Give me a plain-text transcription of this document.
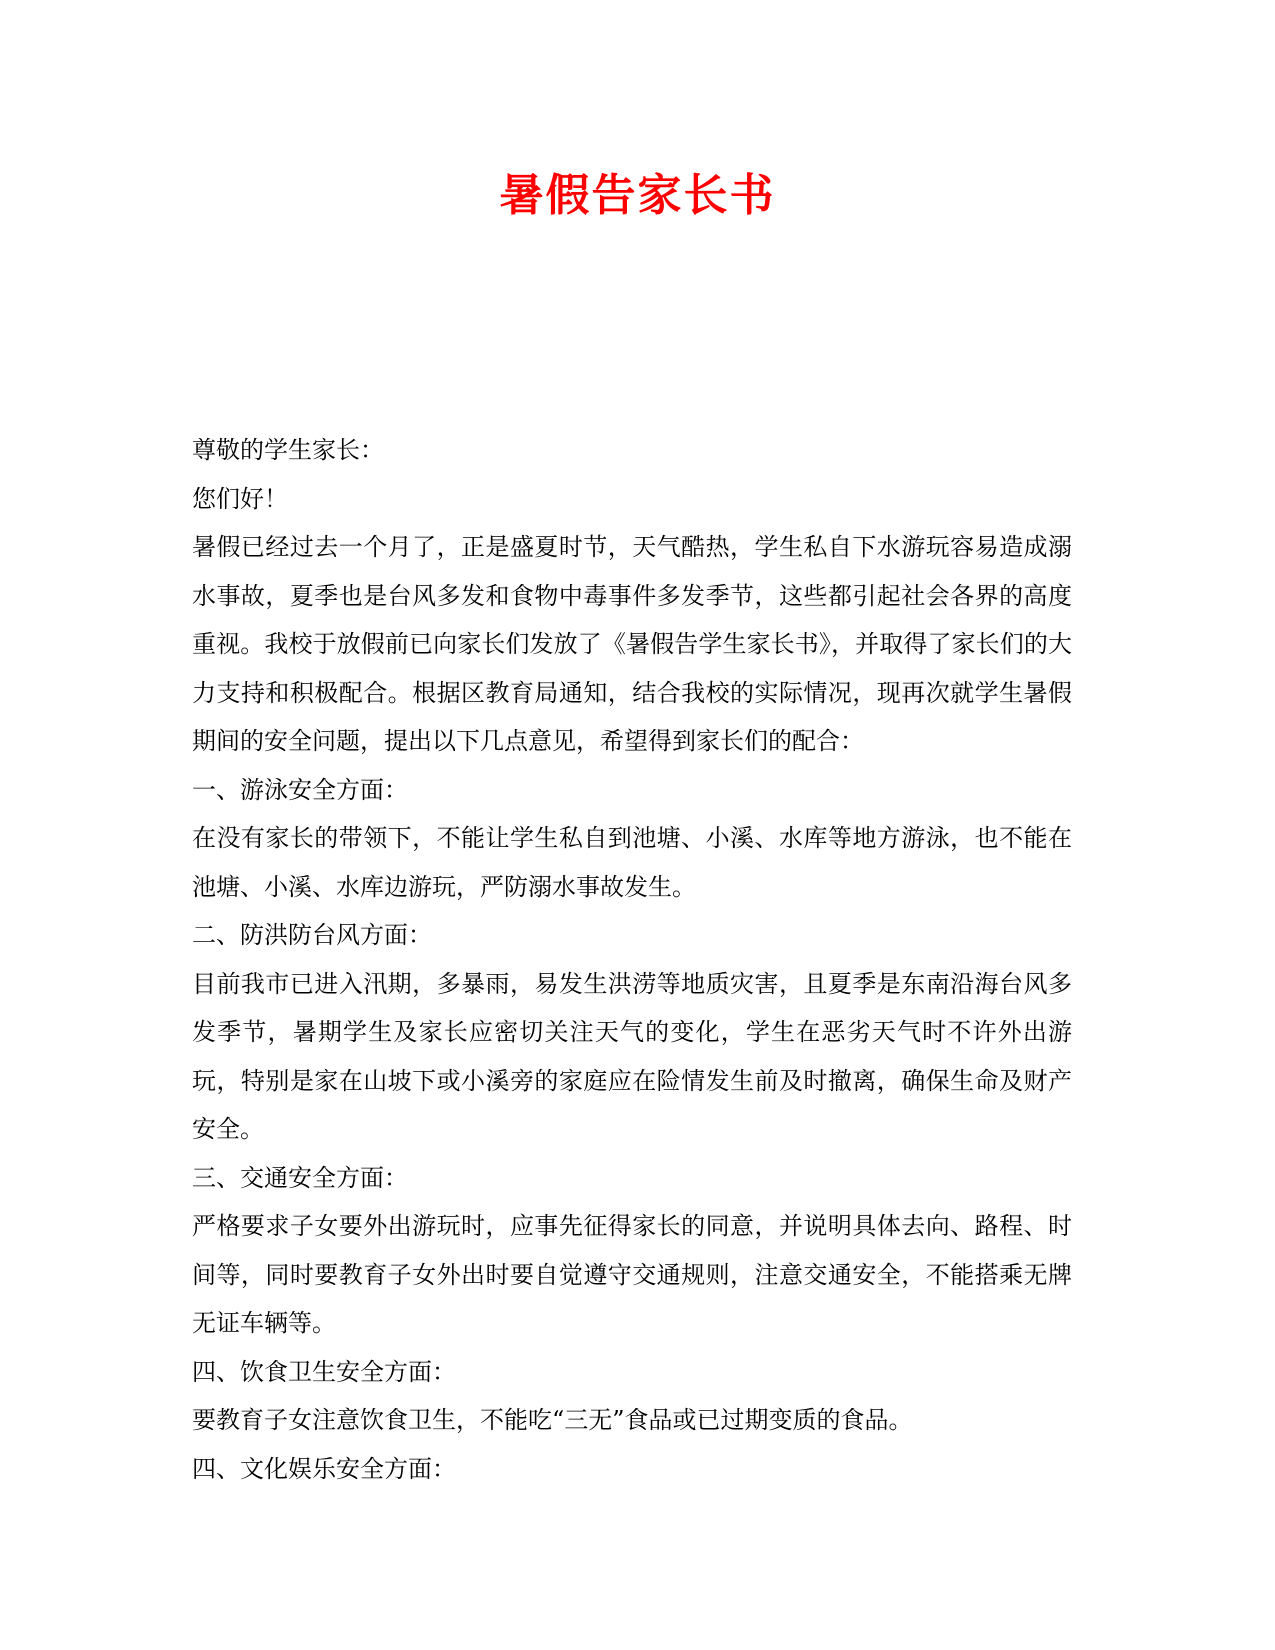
暑假告家长书

尊敬的学生家长：

您们好！

暑假已经过去一个月了，正是盛夏时节，天气酷热，学生私自下水游玩容易造成溺水事故，夏季也是台风多发和食物中毒事件多发季节，这些都引起社会各界的高度重视。我校于放假前已向家长们发放了《暑假告学生家长书》，并取得了家长们的大力支持和积极配合。根据区教育局通知，结合我校的实际情况，现再次就学生暑假期间的安全问题，提出以下几点意见，希望得到家长们的配合：

一、游泳安全方面：

在没有家长的带领下，不能让学生私自到池塘、小溪、水库等地方游泳，也不能在池塘、小溪、水库边游玩，严防溺水事故发生。

二、防洪防台风方面：

目前我市已进入汛期，多暴雨，易发生洪涝等地质灾害，且夏季是东南沿海台风多发季节，暑期学生及家长应密切关注天气的变化，学生在恶劣天气时不许外出游玩，特别是家在山坡下或小溪旁的家庭应在险情发生前及时撤离，确保生命及财产安全。

三、交通安全方面：

严格要求子女要外出游玩时，应事先征得家长的同意，并说明具体去向、路程、时间等，同时要教育子女外出时要自觉遵守交通规则，注意交通安全，不能搭乘无牌无证车辆等。

四、饮食卫生安全方面：

要教育子女注意饮食卫生，不能吃“三无”食品或已过期变质的食品。

四、文化娱乐安全方面：
